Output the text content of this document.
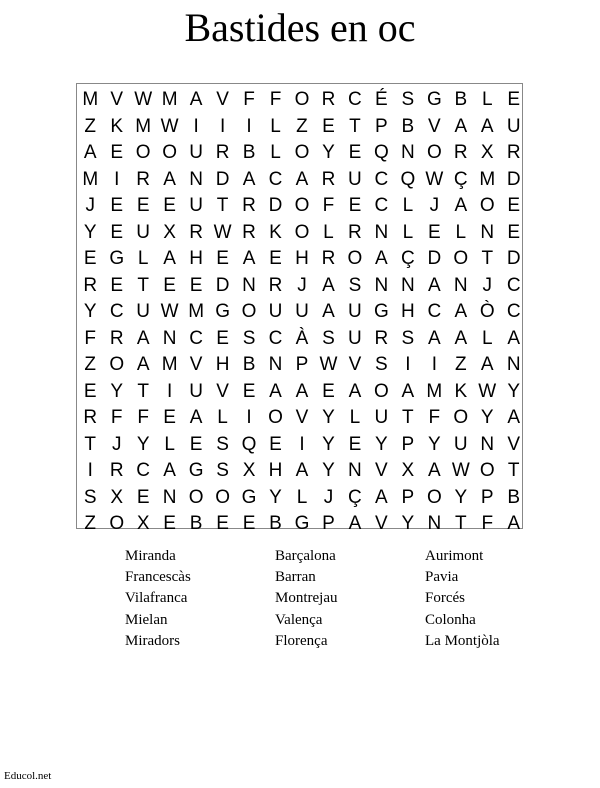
Bastides en oc
M V W M A V F F O R C É S G B L E
Z K M W I	I	I L Z E T P B V A A U
A E O O U R B L O Y E Q N O R X R
M I R A N D A C A R U C Q W Ç M D
J E E E U T R D O F E C L J A O E
Y E U X R W R K O L R N L E L N E
E G L A H E A E H R O A Ç D O T D
R E T E E D N R J A S N N A N J C
Y C U W M G O U U A U G H C A Ò C
F R A N C E S C À S U R S A A L A
Z O A M V H B N P W V S I	I Z A N
E Y T I U V E A A E A O A M K W Y
R F F E A L I O V Y L U T F O Y A
T J Y L E S Q E I Y E Y P Y U N V
I R C A G S X H A Y N V X A W O T
S X E N O O G Y L J Ç A P O Y P B
Z O X E B E E B G P A V Y N T F A
Miranda
Francescàs
Vilafranca
Mielan
Miradors
Barçalona
Barran
Montrejau
Valença
Florença
Aurimont
Pavia
Forcés
Colonha
La Montjòla
Educol.net
